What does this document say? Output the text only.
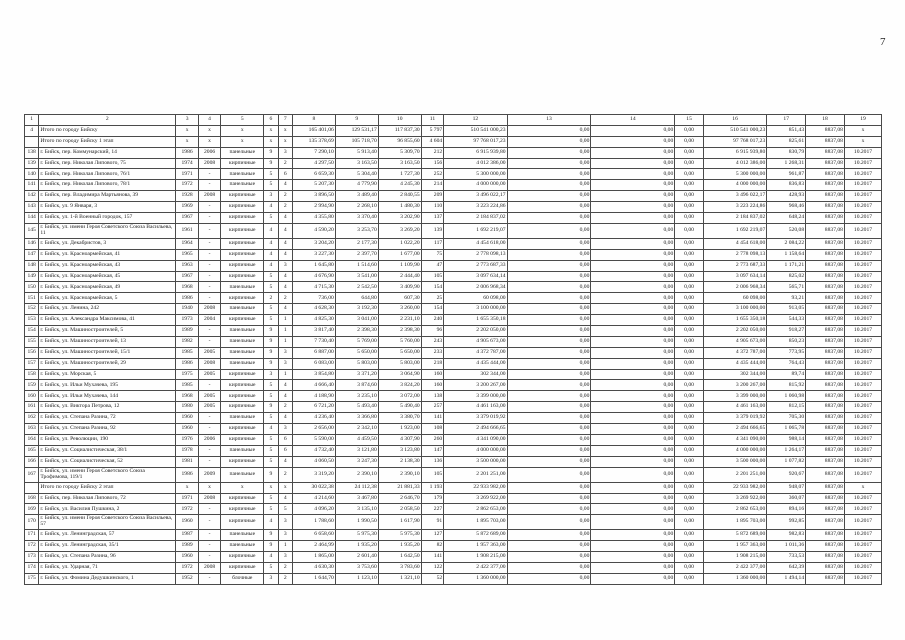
7
1	2	3	4	5	6	7	8	9	10	11	12	13	14	15	16	17	18	19
4	Итого по городу Бийску	x	x	x	x	x	165 401,06	129 531,17	117 837,30	5 797	510 541 000,23	0,00	0,00	0,00	510 541 000,23	851,43	8837,08	x
	Итого по городу Бийску 1 этап	x	x	x	x	x	135 378,69	105 718,70	96 855,60	4 604	97 768 017,23	0,00	0,00	0,00	97 768 017,23	825,61	8837,08	x
138	г. Бийск, пер. Коммунарский, 14	1986	2006	панельные	9	3	7 290,10	5 913,40	5 309,70	212	6 915 939,80	0,00	0,00	0,00	6 915 939,80	830,79	8837,08	10.2017
139	г. Бийск, пер. Николая Липового, 75	1974	2008	кирпичные	9	2	4 297,50	3 163,50	3 163,50	156	4 012 386,00	0,00	0,00	0,00	4 012 386,00	1 268,31	8837,08	10.2017
140	г. Бийск, пер. Николая Липового, 76/1	1971	-	панельные	5	6	6 659,30	5 304,40	1 727,30	252	5 300 000,00	0,00	0,00	0,00	5 300 000,00	961,87	8837,08	10.2017
141	г. Бийск, пер. Николая Липового, 78/1	1972	-	панельные	5	4	5 207,30	4 779,90	4 245,30	214	4 000 000,00	0,00	0,00	0,00	4 000 000,00	836,83	8837,08	10.2017
142	г. Бийск, пер. Владимира Мартьянова, 39	1928	2008	кирпичные	3	2	3 896,50	3 489,40	2 840,55	209	3 496 022,17	0,00	0,00	0,00	3 496 022,17	428,93	8837,08	10.2017
143	г. Бийск, ул. 9 Января, 3	1969	-	кирпичные	4	2	2 994,90	2 268,10	1 480,30	110	3 223 224,86	0,00	0,00	0,00	3 223 224,86	968,46	8837,08	10.2017
144	г. Бийск, ул. 1-й Военный городок, 157	1967	-	кирпичные	5	4	4 355,80	3 370,40	3 202,90	137	2 184 837,02	0,00	0,00	0,00	2 184 837,02	648,24	8837,08	10.2017
145	г. Бийск, ул. имени Героя Советского Союза Васильева, 11	1961	-	кирпичные	4	4	4 590,20	3 253,70	3 269,20	139	1 692 219,07	0,00	0,00	0,00	1 692 219,07	520,08	8837,08	10.2017
146	г. Бийск, ул. Декабристов, 3	1964	-	кирпичные	4	4	3 204,20	2 177,30	1 022,20	117	4 454 618,00	0,00	0,00	0,00	4 454 618,00	2 084,22	8837,08	10.2017
147	г. Бийск, ул. Красноармейская, 41	1965	-	кирпичные	4	4	3 227,30	2 397,70	1 677,00	75	2 778 098,13	0,00	0,00	0,00	2 778 098,13	1 158,64	8837,08	10.2017
148	г. Бийск, ул. Красноармейская, 43	1963	-	кирпичные	4	3	1 645,80	1 514,60	1 109,90	47	2 773 687,33	0,00	0,00	0,00	2 773 687,33	1 171,21	8837,08	10.2017
149	г. Бийск, ул. Красноармейская, 45	1967	-	кирпичные	5	4	4 676,90	3 541,00	2 444,40	105	3 097 634,14	0,00	0,00	0,00	3 097 634,14	825,02	8837,08	10.2017
150	г. Бийск, ул. Красноармейская, 49	1968	-	панельные	5	4	4 715,30	2 542,50	3 409,90	154	2 006 968,34	0,00	0,00	0,00	2 006 968,34	565,71	8837,08	10.2017
151	г. Бийск, ул. Красноармейская, 5	1986	-	кирпичные	2	2	736,00	644,80	607,30	25	60 098,00	0,00	0,00	0,00	60 098,00	93,21	8837,08	10.2017
152	г. Бийск, ул. Ленина, 242	1940	2008	панельные	5	4	4 628,30	3 192,30	3 260,00	154	3 100 000,00	0,00	0,00	0,00	3 100 000,00	913,05	8837,08	10.2017
153	г. Бийск, ул. Александра Максимова, 41	1973	2004	кирпичные	5	1	4 825,30	3 041,00	2 231,10	240	1 655 350,18	0,00	0,00	0,00	1 655 350,18	544,33	8837,08	10.2017
154	г. Бийск, ул. Машиностроителей, 5	1989	-	панельные	9	1	3 817,40	2 398,30	2 398,30	96	2 202 050,00	0,00	0,00	0,00	2 202 050,00	918,27	8837,08	10.2017
155	г. Бийск, ул. Машиностроителей, 13	1982	-	панельные	9	1	7 730,40	5 769,00	5 760,00	243	4 905 673,00	0,00	0,00	0,00	4 905 673,00	850,23	8837,08	10.2017
156	г. Бийск, ул. Машиностроителей, 15/1	1985	2005	панельные	9	3	6 887,00	5 650,00	5 650,00	233	4 372 787,00	0,00	0,00	0,00	4 372 787,00	773,95	8837,08	10.2017
157	г. Бийск, ул. Машиностроителей, 29	1986	2008	панельные	9	3	6 083,00	5 803,00	5 803,00	218	4 435 444,00	0,00	0,00	0,00	4 435 444,00	764,43	8837,08	10.2017
158	г. Бийск, ул. Морская, 5	1975	2005	кирпичные	3	1	3 854,80	3 371,20	3 064,90	160	302 344,00	0,00	0,00	0,00	302 344,00	89,74	8837,08	10.2017
159	г. Бийск, ул. Ильи Мухачева, 195	1985	-	кирпичные	5	4	4 666,40	3 874,60	3 824,20	160	3 200 267,00	0,00	0,00	0,00	3 200 267,00	815,92	8837,08	10.2017
160	г. Бийск, ул. Ильи Мухачева, 144	1968	2005	кирпичные	5	4	4 188,90	3 235,10	3 072,00	138	3 399 000,00	0,00	0,00	0,00	3 399 000,00	1 060,98	8837,08	10.2017
161	г. Бийск, ул. Виктора Петрова, 12	1980	2005	кирпичные	9	2	6 721,20	5 493,40	5 490,40	257	4 461 163,00	0,00	0,00	0,00	4 461 163,00	812,15	8837,08	10.2017
162	г. Бийск, ул. Степана Разина, 72	1960	-	панельные	5	4	4 236,40	3 366,80	3 380,70	141	3 379 019,92	0,00	0,00	0,00	3 379 019,92	705,30	8837,08	10.2017
163	г. Бийск, ул. Степана Разина, 92	1960	-	кирпичные	4	3	2 656,00	2 342,10	1 923,00	108	2 494 666,65	0,00	0,00	0,00	2 494 666,65	1 065,78	8837,08	10.2017
164	г. Бийск, ул. Революции, 190	1976	2006	кирпичные	5	6	5 590,00	4 459,50	4 307,90	260	4 341 090,00	0,00	0,00	0,00	4 341 090,00	988,14	8837,08	10.2017
165	г. Бийск, ул. Социалистическая, 38/1	1978	-	панельные	5	6	4 732,40	3 121,80	3 123,80	147	4 000 000,00	0,00	0,00	0,00	4 000 000,00	1 264,17	8837,08	10.2017
166	г. Бийск, ул. Социалистическая, 52	1981	-	кирпичные	5	4	4 060,50	3 247,30	2 138,30	136	3 500 000,00	0,00	0,00	0,00	3 500 000,00	1 077,82	8837,08	10.2017
167	г. Бийск, ул. имени Героя Советского Союза Трофимова, 119/1	1986	2009	панельные	9	2	3 319,20	2 390,10	2 390,10	105	2 201 251,00	0,00	0,00	0,00	2 201 251,00	920,67	8837,08	10.2017
	Итого по городу Бийску 2 этап	x	x	x	x	x	30 022,38	24 112,38	21 881,33	1 193	22 933 982,00	0,00	0,00	0,00	22 933 982,00	948,07	8837,08	x
168	г. Бийск, пер. Николая Липового, 72	1971	2008	кирпичные	5	4	4 214,60	3 467,80	2 646,70	179	3 269 922,00	0,00	0,00	0,00	3 269 922,00	360,07	8837,08	10.2017
169	г. Бийск, ул. Василия Пушкина, 2	1972	-	кирпичные	5	5	4 096,20	3 135,10	2 058,50	227	2 862 653,00	0,00	0,00	0,00	2 862 653,00	894,16	8837,08	10.2017
170	г. Бийск, ул. имени Героя Советского Союза Васильева, 57	1960	-	кирпичные	4	3	1 788,60	1 990,50	1 617,90	91	1 895 703,00	0,00	0,00	0,00	1 895 703,00	992,85	8837,08	10.2017
171	г. Бийск, ул. Ленинградская, 57	1987	-	панельные	9	3	6 658,60	5 975,30	5 975,30	127	5 872 689,00	0,00	0,00	0,00	5 872 689,00	982,83	8837,08	10.2017
172	г. Бийск, ул. Ленинградская, 35/1	1989	-	панельные	9	1	2 464,99	1 935,20	1 935,20	82	1 957 363,00	0,00	0,00	0,00	1 957 363,00	1 011,36	8837,08	10.2017
173	г. Бийск, ул. Степана Разина, 96	1960	-	кирпичные	4	3	1 865,00	2 601,40	1 642,50	141	1 908 215,00	0,00	0,00	0,00	1 908 215,00	733,53	8837,08	10.2017
174	г. Бийск, ул. Ударная, 71	1972	2008	кирпичные	5	2	4 630,30	3 753,60	3 783,60	122	2 422 377,00	0,00	0,00	0,00	2 422 377,00	642,39	8837,08	10.2017
175	г. Бийск, ул. Фомина Дедушкинского, 1	1952	-	блочные	3	2	1 644,70	1 123,10	1 321,10	52	1 360 000,00	0,00	0,00	0,00	1 360 000,00	1 494,14	8837,08	10.2017
